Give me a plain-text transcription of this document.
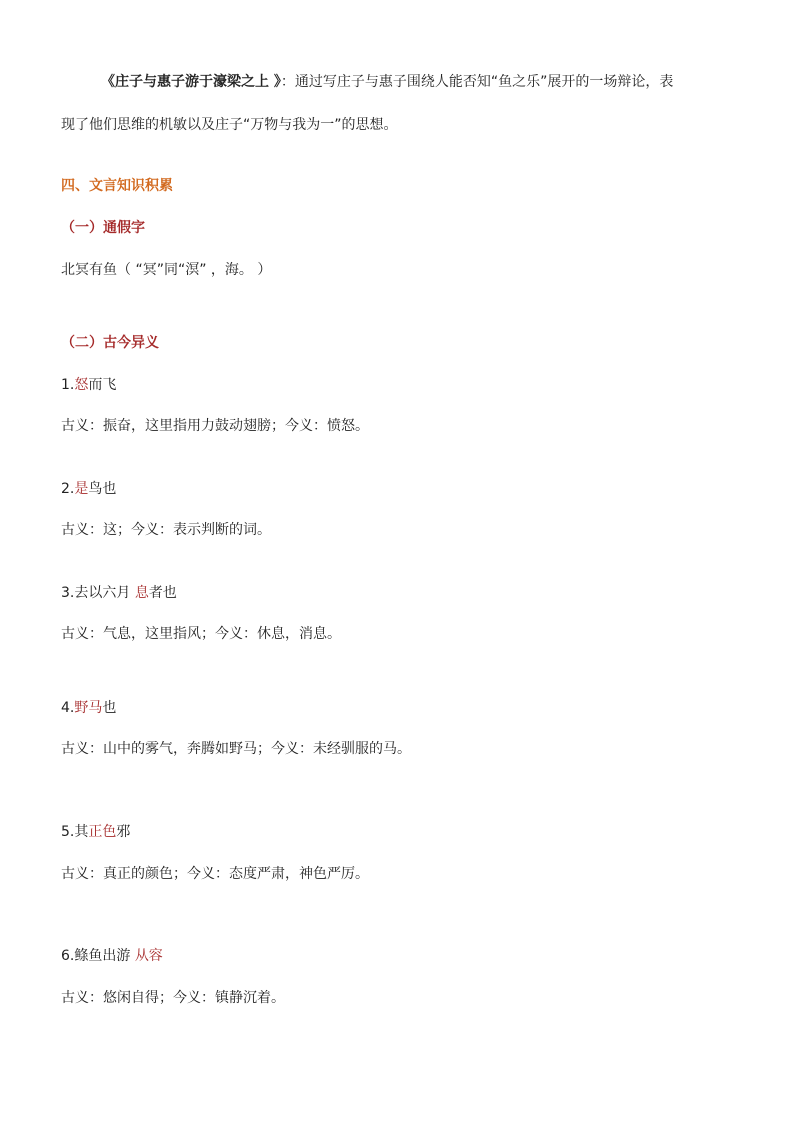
《庄子与惠子游于濠梁之上 》：通过写庄子与惠子围绕人能否知“鱼之乐”展开的一场辩论，表
现了他们思维的机敏以及庄子“万物与我为一”的思想。
四、文言知识积累
（一）通假字
北冥有鱼（ “冥”同“溟” ，海。 ）
（二）古今异义
1.怒而飞
古义：振奋，这里指用力鼓动翅膀；今义：愤怒。
2.是鸟也
古义：这；今义：表示判断的词。
3.去以六月 息者也
古义：气息，这里指风；今义：休息，消息。
4.野马也
古义：山中的雾气，奔腾如野马；今义：未经驯服的马。
5.其正色邪
古义：真正的颜色；今义：态度严肃，神色严厉。
6.鲦鱼出游 从容
古义：悠闲自得；今义：镇静沉着。
